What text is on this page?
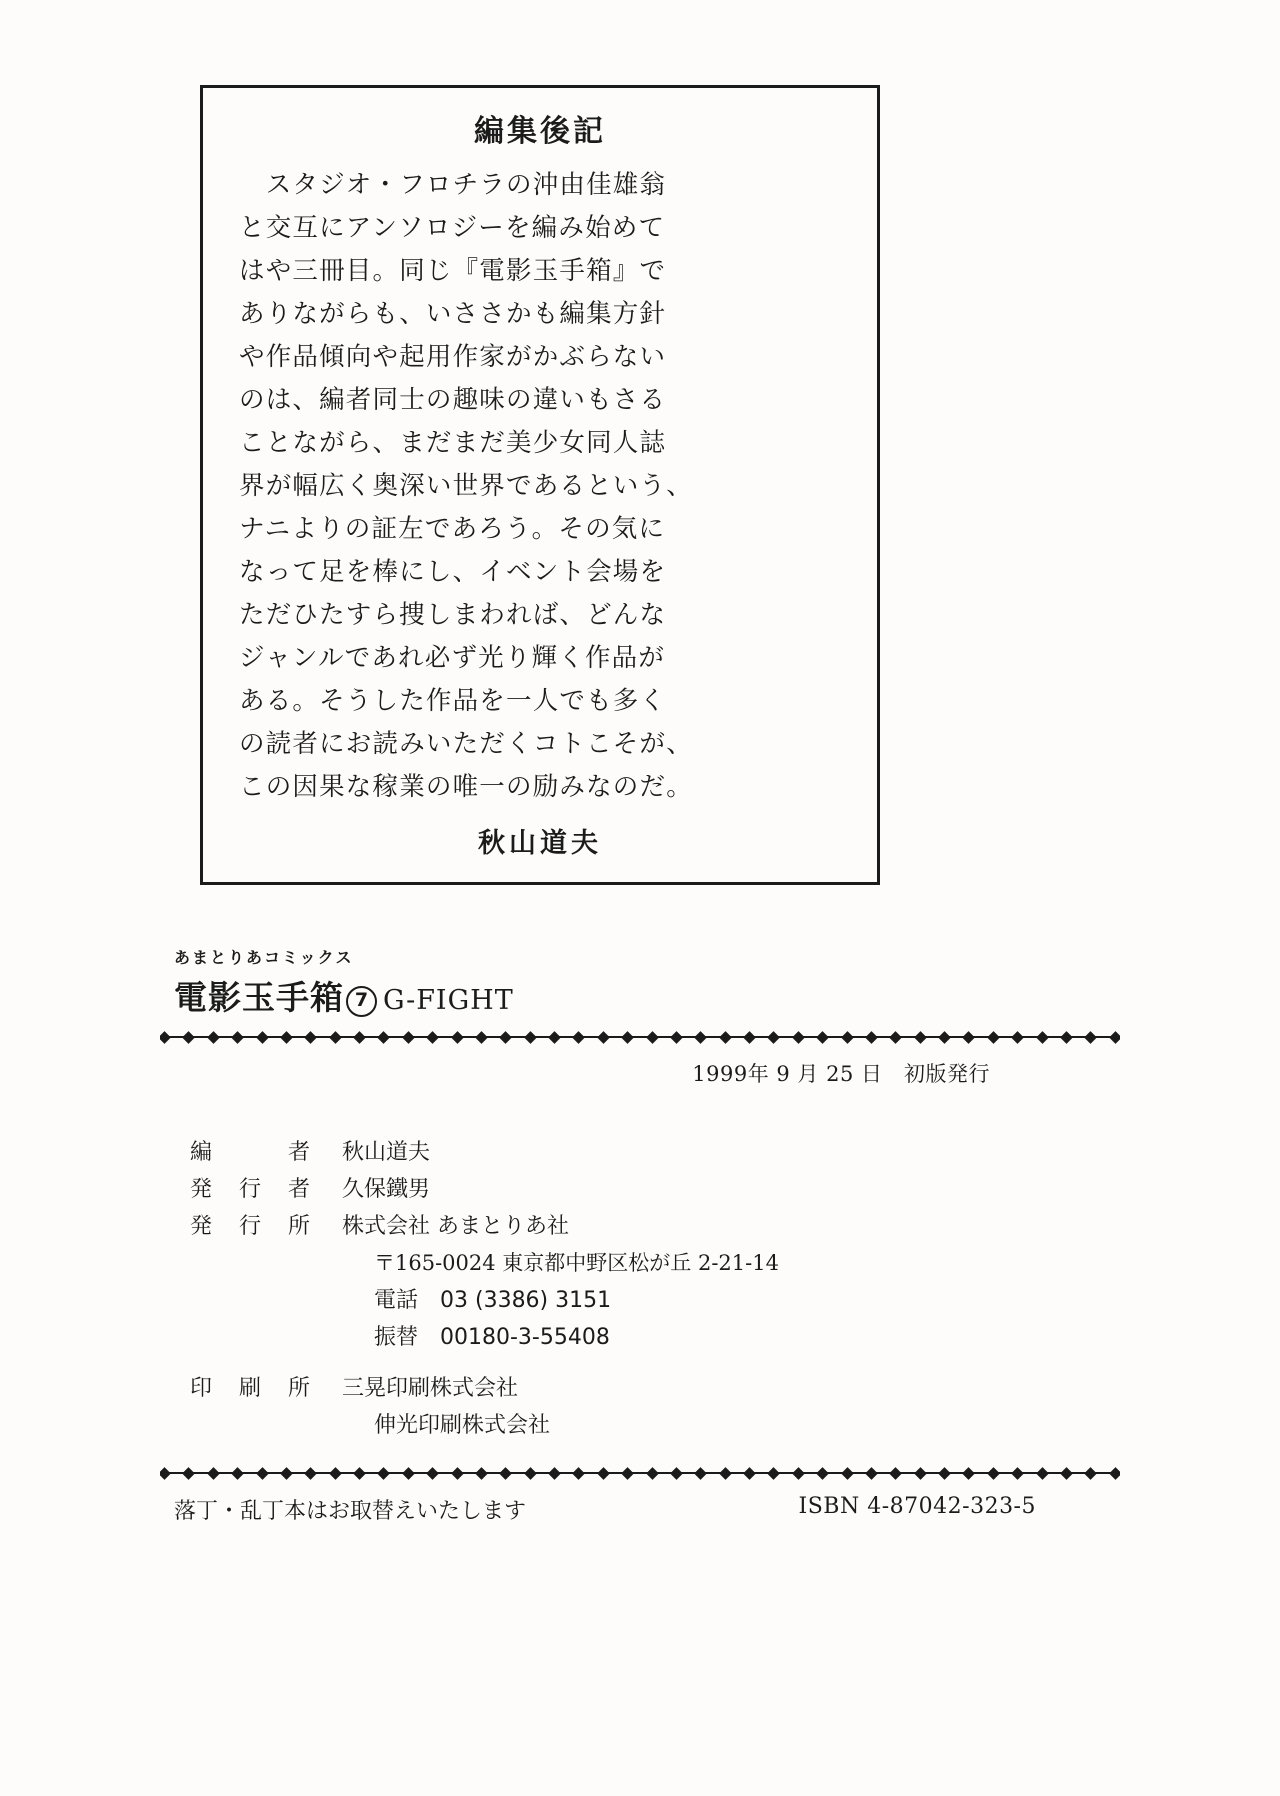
編集後記

　スタジオ・フロチラの沖由佳雄翁

と交互にアンソロジーを編み始めて

はや三冊目。同じ『電影玉手箱』で

ありながらも、いささかも編集方針

や作品傾向や起用作家がかぶらない

のは、編者同士の趣味の違いもさる

ことながら、まだまだ美少女同人誌

界が幅広く奥深い世界であるという、

ナニよりの証左であろう。その気に

なって足を棒にし、イベント会場を

ただひたすら捜しまわれば、どんな

ジャンルであれ必ず光り輝く作品が

ある。そうした作品を一人でも多く

の読者にお読みいただくコトこそが、

この因果な稼業の唯一の励みなのだ。

秋山道夫
あまとりあコミックス
電影玉手箱 7 G-FIGHT
1999年 9 月 25 日　初版発行
編　者 秋山道夫
発行者 久保鐵男
発行所 株式会社 あまとりあ社
〒165-0024 東京都中野区松が丘 2-21-14
電話　03 (3386) 3151
振替　00180-3-55408
印刷所 三晃印刷株式会社
伸光印刷株式会社
落丁・乱丁本はお取替えいたします	ISBN 4-87042-323-5
